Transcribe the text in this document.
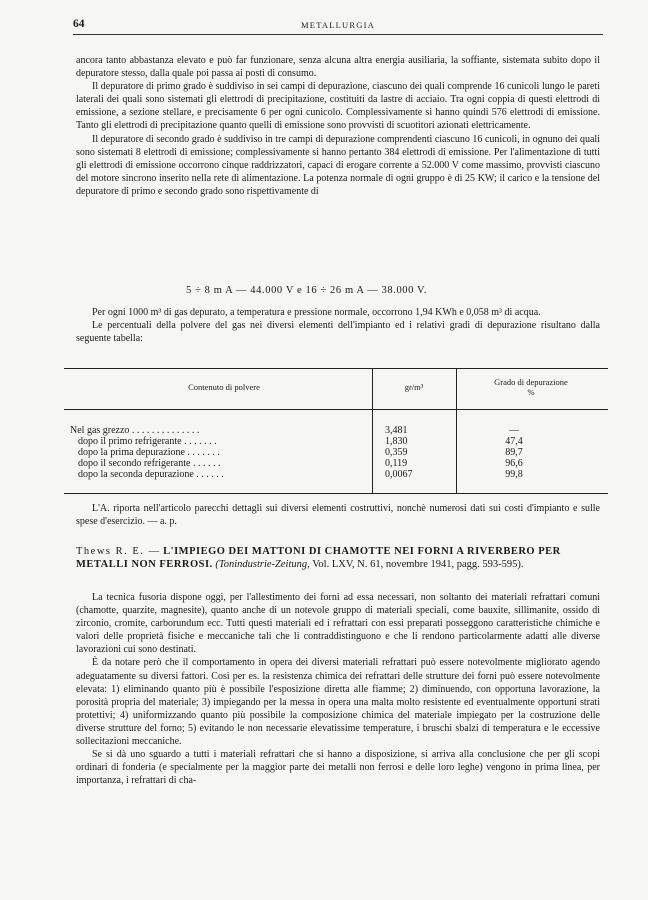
64	METALLURGIA

ancora tanto abbastanza elevato e può far funzionare, senza alcuna altra energia ausiliaria, la soffiante, sistemata subito dopo il depuratore stesso, dalla quale poi passa ai posti di consumo.

Il depuratore di primo grado è suddiviso in sei campi di depurazione, ciascuno dei quali comprende 16 cunicoli lungo le pareti laterali dei quali sono sistemati gli elettrodi di precipitazione, costituiti da lastre di acciaio. Tra ogni coppia di questi elettrodi di emissione, a sezione stellare, e precisamente 6 per ogni cunicolo. Complessivamente si hanno quindi 576 elettrodi di emissione. Tanto gli elettrodi di precipitazione quanto quelli di emissione sono provvisti di scuotitori azionati elettricamente.

Il depuratore di secondo grado è suddiviso in tre campi di depurazione comprendenti ciascuno 16 cunicoli, in ognuno dei quali sono sistemati 8 elettrodi di emissione; complessivamente si hanno pertanto 384 elettrodi di emissione. Per l'alimentazione di tutti gli elettrodi di emissione occorrono cinque raddrizzatori, capaci di erogare corrente a 52.000 V come massimo, provvisti ciascuno del motore sincrono inserito nella rete di alimentazione. La potenza normale di ogni gruppo è di 25 KW; il carico e la tensione del depuratore di primo e secondo grado sono rispettivamente di

5 ÷ 8 m A — 44.000 V e 16 ÷ 26 m A — 38.000 V.

Per ogni 1000 m³ di gas depurato, a temperatura e pressione normale, occorrono 1,94 KWh e 0,058 m³ di acqua.

Le percentuali della polvere del gas nei diversi elementi dell'impianto ed i relativi gradi di depurazione risultano dalla seguente tabella:

Contenuto di polvere	gr/m³	Grado di depurazione
%
Nel gas grezzo . . . . . . . . . . . . . .	3,481	—
dopo il primo refrigerante . . . . . . .	1,830	47,4
dopo la prima depurazione . . . . . . .	0,359	89,7
dopo il secondo refrigerante . . . . . .	0,119	96,6
dopo la seconda depurazione . . . . . .	0,0067	99,8

L'A. riporta nell'articolo parecchi dettagli sui diversi elementi costruttivi, nonchè numerosi dati sui costi d'impianto e sulle spese d'esercizio. — a. p.

Thews R. E. — L'IMPIEGO DEI MATTONI DI CHAMOTTE NEI FORNI A RIVERBERO PER METALLI NON FERROSI. (Tonindustrie-Zeitung, Vol. LXV, N. 61, novembre 1941, pagg. 593-595).

La tecnica fusoria dispone oggi, per l'allestimento dei forni ad essa necessari, non soltanto dei materiali refrattari comuni (chamotte, quarzite, magnesite), quanto anche di un notevole gruppo di materiali speciali, come bauxite, sillimanite, ossido di zirconio, cromite, carborundum ecc. Tutti questi materiali ed i refrattari con essi preparati posseggono caratteristiche chimiche e valori delle proprietà fisiche e meccaniche tali che li contraddistinguono e che li rendono particolarmente adatti alle diverse lavorazioni cui sono destinati.

È da notare però che il comportamento in opera dei diversi materiali refrattari può essere notevolmente migliorato agendo adeguatamente su diversi fattori. Così per es. la resistenza chimica dei refrattari delle strutture dei forni può essere notevolmente elevata: 1) eliminando quanto più è possibile l'esposizione diretta alle fiamme; 2) diminuendo, con opportuna lavorazione, la porosità propria del materiale; 3) impiegando per la messa in opera una malta molto resistente ed eventualmente opportuni strati protettivi; 4) uniformizzando quanto più possibile la composizione chimica del materiale impiegato per la costruzione delle diverse strutture del forno; 5) evitando le non necessarie elevatissime temperature, i bruschi sbalzi di temperatura e le eccessive sollecitazioni meccaniche.

Se si dà uno sguardo a tutti i materiali refrattari che si hanno a disposizione, si arriva alla conclusione che per gli scopi ordinari di fonderia (e specialmente per la maggior parte dei metalli non ferrosi e delle loro leghe) vengono in prima linea, per importanza, i refrattari di cha-
